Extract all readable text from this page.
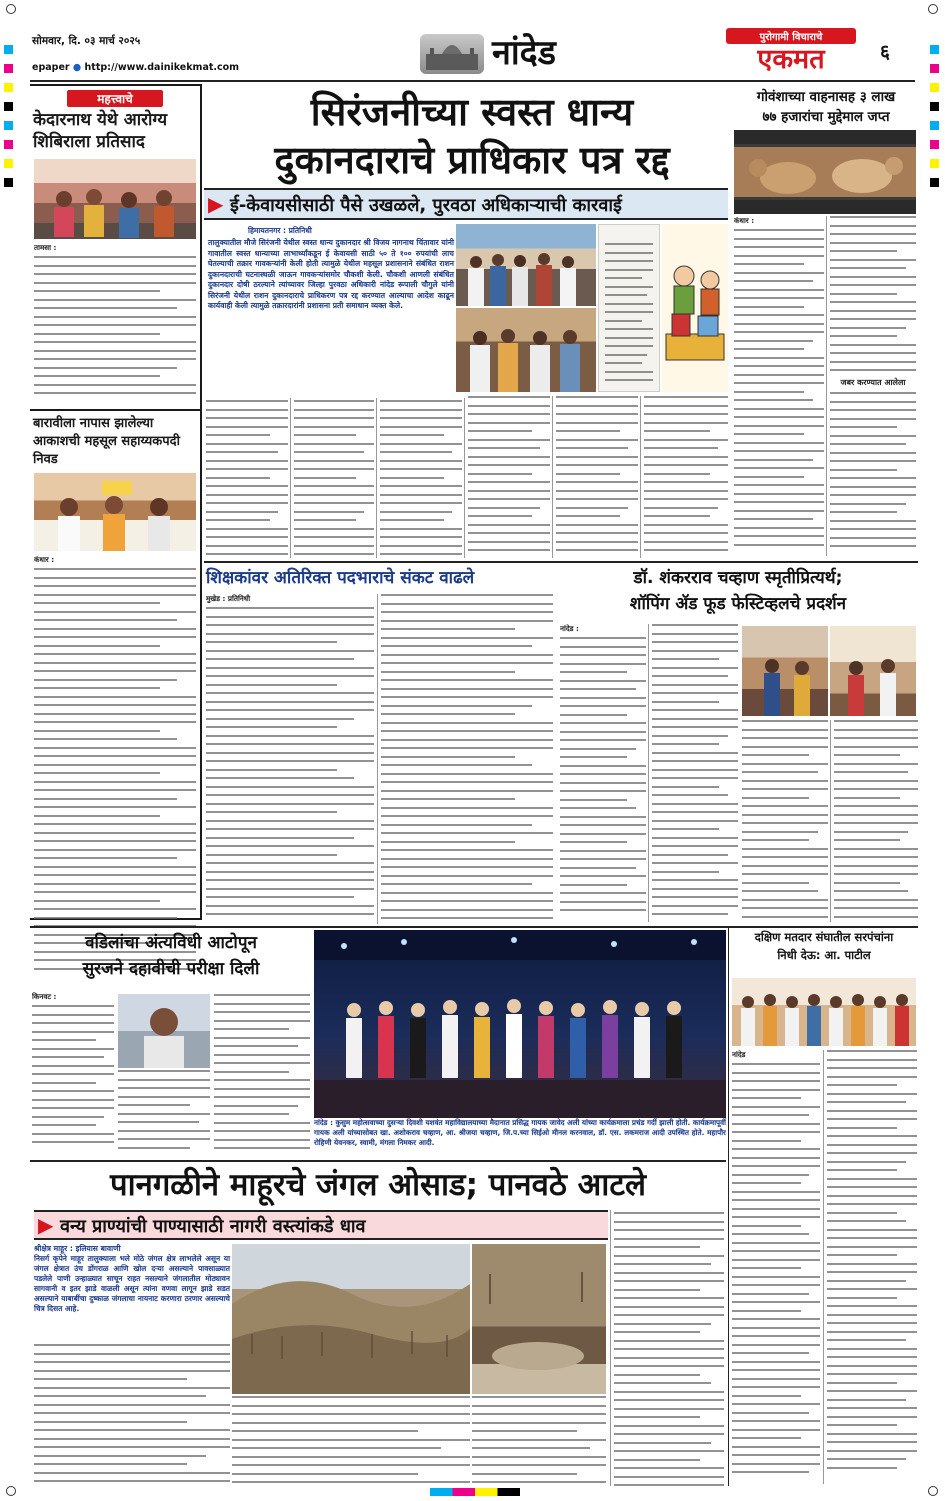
सोमवार, दि. ०३ मार्च २०२५
epaper ● http://www.dainikekmat.com	नांदेड	पुरोगामी विचाराचे
एकमत	६

महत्त्वाचे
केदारनाथ येथे आरोग्य शिबिराला प्रतिसाद
तामसा :
बारावीला नापास झालेल्या आकाशची महसूल सहाय्यकपदी निवड
कंधार :
सिरंजनीच्या स्वस्त धान्य
दुकानदाराचे प्राधिकार पत्र रद्द
▶ ई-केवायसीसाठी पैसे उखळले, पुरवठा अधिकाऱ्याची कारवाई
हिमायतनगर : प्रतिनिधी
तालुक्यातील मौजे सिरंजनी येथील स्वस्त धान्य दुकानदार श्री विजय नागनाथ चिंतावार यांनी गावातील स्वस्त धान्याच्या लाभार्थ्यांकडून ई केवायसी साठी ५० ते १०० रुपयांची लाच घेतल्याची तक्रार गावकऱ्यांनी केली होती त्यामुळे येथील महसूल प्रशासनाने संबंधित राशन दुकानदाराची घटनास्थळी जाऊन गावकऱ्यांसमोर चौकशी केली. चौकशी आणली संबंधित दुकानदार दोषी ठरल्याने त्यांच्यावर जिल्हा पुरवठा अधिकारी नांदेड रूपाली चौगुले यांनी सिरंजनी येथील राशन दुकानदाराचे प्राधिकरण पत्र रद्द करण्यात आल्याचा आदेश काढून कार्यवाही केली त्यामुळे तक्रारदारांनी प्रशासना प्रती समाधान व्यक्त केले.
गोवंशाच्या वाहनासह ३ लाख
७७ हजारांचा मुद्देमाल जप्त
कंधार :
जबर करण्यात आलेला
शिक्षकांवर अतिरिक्त पदभाराचे संकट वाढले
मुखेड : प्रतिनिधी
डॉ. शंकरराव चव्हाण स्मृतीप्रित्यर्थ;
शॉपिंग ॲड फूड फेस्टिव्हलचे प्रदर्शन
नांदेड :
वडिलांचा अंत्यविधी आटोपून
सुरजने दहावीची परीक्षा दिली
किनवट :
नांदेड : कुसुम महोत्सवाच्या दुसऱ्या दिवशी यशवंत महाविद्यालयाच्या मैदानात प्रसिद्ध गायक जावेद अली यांच्या कार्यक्रमाला प्रचंड गर्दी झाली होती. कार्यक्रमापूर्वी गायक अली यांच्यासोबत खा. अशोकराव चव्हाण, आ. श्रीजया चव्हाण, जि.प.च्या सिईओ मीनल करनवाल, डॉ. एस. लकमराज आदी उपस्थित होते. महापौर रोहिणी येवनकर, स्वामी, मंगला निमकर आदी.
दक्षिण मतदार संघातील सरपंचांना
निधी देऊ: आ. पाटील
नांदेड
पानगळीने माहूरचे जंगल ओसाड; पानवठे आटले
▶ वन्य प्राण्यांची पाण्यासाठी नागरी वस्त्यांकडे धाव
श्रीक्षेत्र माहूर : इलियास बावाणी
निसर्ग कृपेने माहूर तालुक्याला भले मोठे जंगल क्षेत्र लाभलेले असून या जंगल क्षेत्रात उंच डोंगराळ आणि खोल दऱ्या असल्याने पावसाळ्यात पडलेले पाणी उन्हाळ्यात साचून राहत नसल्याने जंगलातील मोठ्यावन सागवानी व इतर झाडे वाळली असून त्यांना वणवा लागून झाडे सडत असल्याने याबाबींचा दुष्काळ जंगलाचा नायनाट करणारा ठरणार असल्याचे चित्र दिसत आहे.
